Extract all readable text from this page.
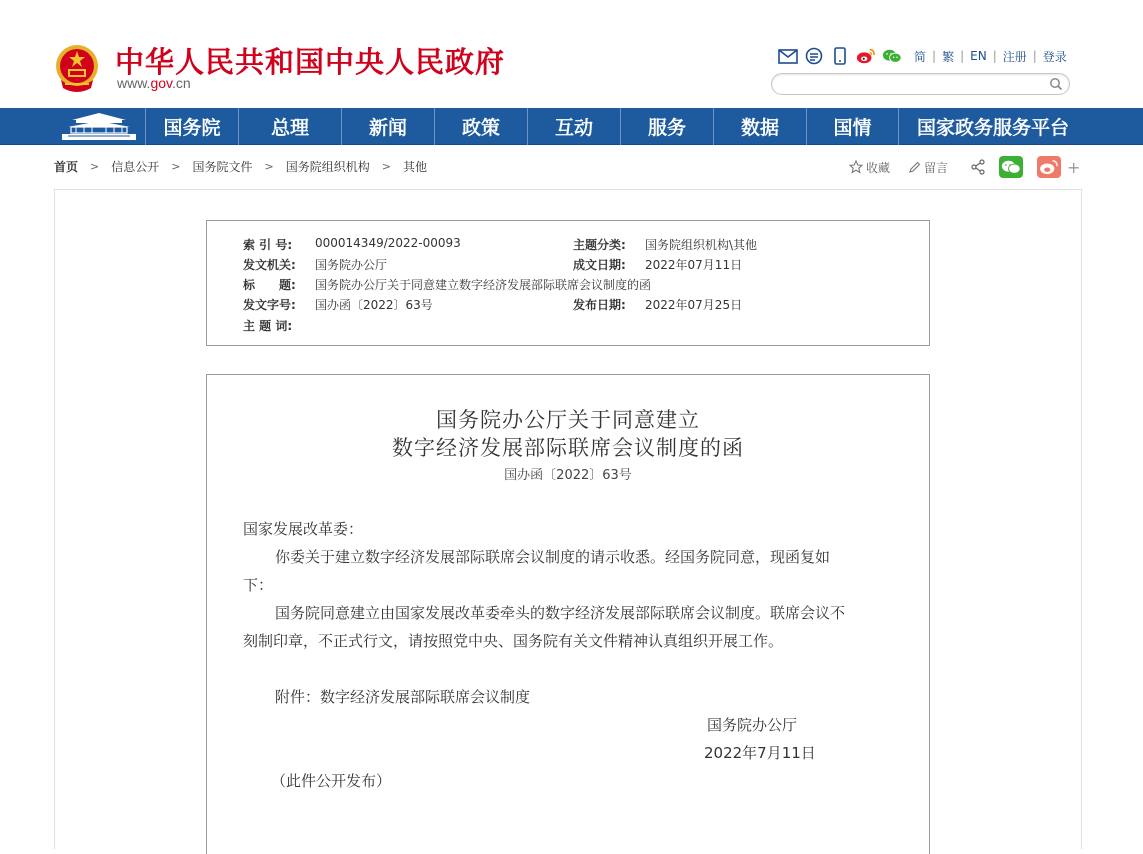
中华人民共和国中央人民政府
www.gov.cn
简 | 繁 | EN | 注册 | 登录
国务院	总理	新闻	政策	互动	服务	数据	国情	国家政务服务平台
首页 > 信息公开 > 国务院文件 > 国务院组织机构 > 其他	收藏	留言	+
索 引 号:	000014349/2022-00093	主题分类:	国务院组织机构\其他
发文机关:	国务院办公厅	成文日期:	2022年07月11日
标　　题:	国务院办公厅关于同意建立数字经济发展部际联席会议制度的函
发文字号:	国办函〔2022〕63号	发布日期:	2022年07月25日
主 题 词:
国务院办公厅关于同意建立
数字经济发展部际联席会议制度的函
国办函〔2022〕63号
国家发展改革委：
你委关于建立数字经济发展部际联席会议制度的请示收悉。经国务院同意，现函复如
下：
国务院同意建立由国家发展改革委牵头的数字经济发展部际联席会议制度。联席会议不
刻制印章，不正式行文，请按照党中央、国务院有关文件精神认真组织开展工作。
附件：数字经济发展部际联席会议制度
国务院办公厅
2022年7月11日
（此件公开发布）
